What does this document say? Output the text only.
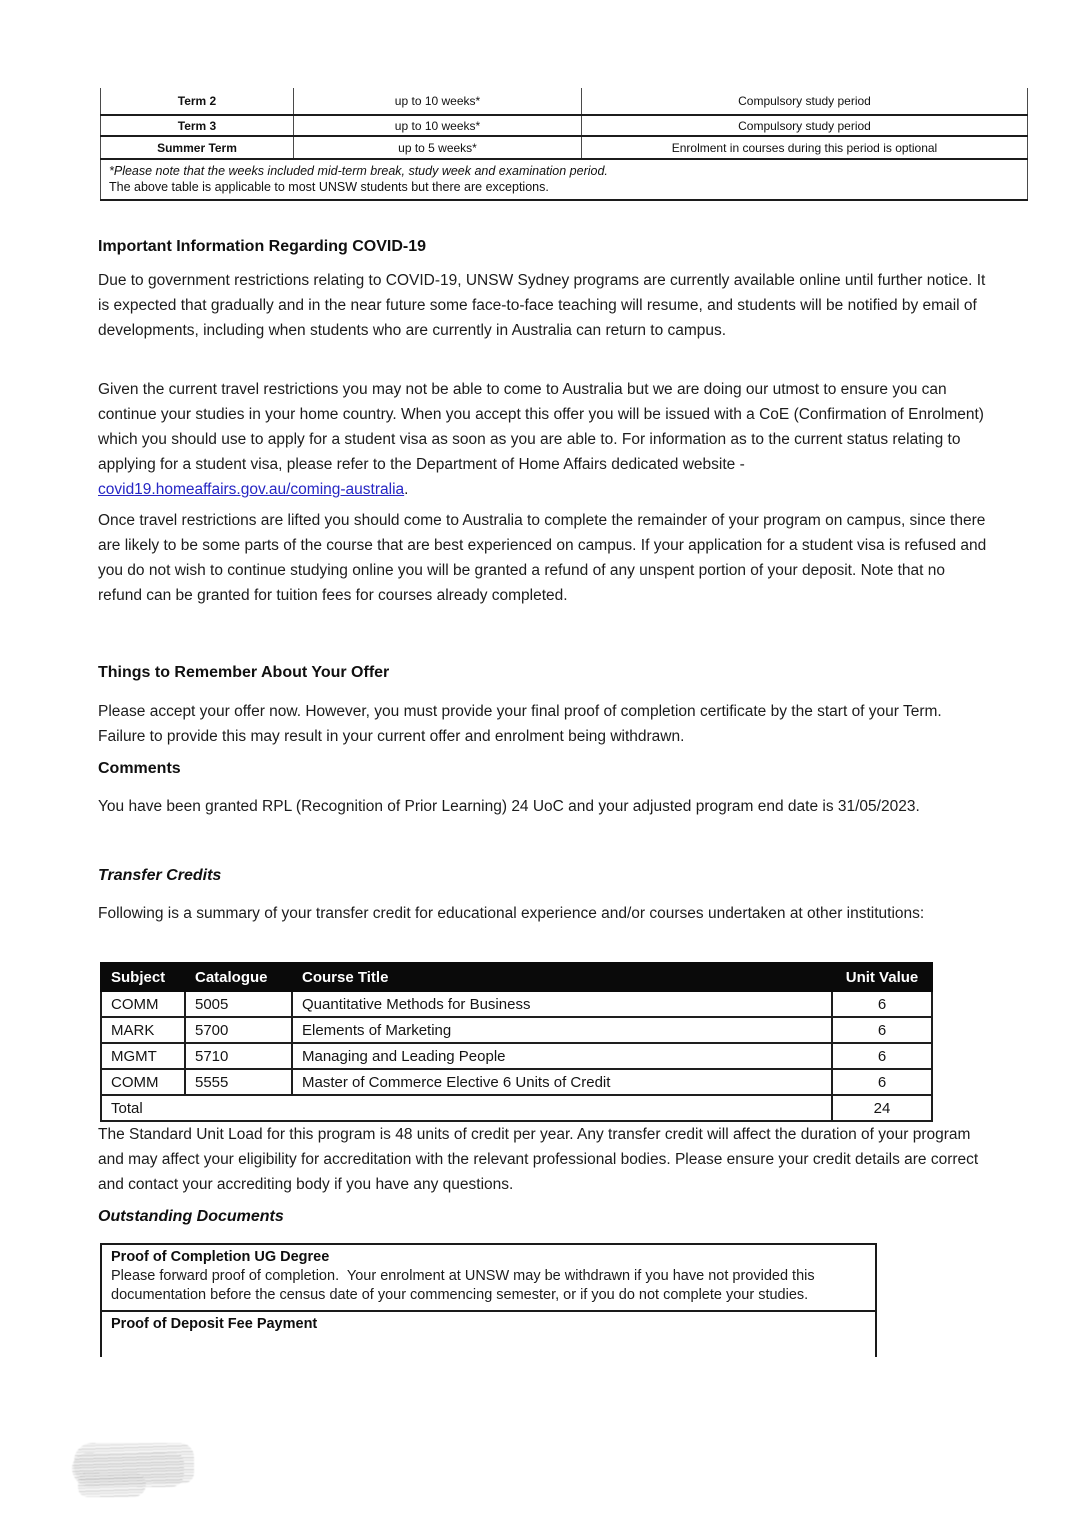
Term 2	up to 10 weeks*	Compulsory study period
Term 3	up to 10 weeks*	Compulsory study period
Summer Term	up to 5 weeks*	Enrolment in courses during this period is optional

*Please note that the weeks included mid-term break, study week and examination period.
The above table is applicable to most UNSW students but there are exceptions.		
Important Information Regarding COVID-19

Due to government restrictions relating to COVID-19, UNSW Sydney programs are currently available online until further notice. It is expected that gradually and in the near future some face-to-face teaching will resume, and students will be notified by email of developments, including when students who are currently in Australia can return to campus.

Given the current travel restrictions you may not be able to come to Australia but we are doing our utmost to ensure you can continue your studies in your home country. When you accept this offer you will be issued with a CoE (Confirmation of Enrolment) which you should use to apply for a student visa as soon as you are able to. For information as to the current status relating to applying for a student visa, please refer to the Department of Home Affairs dedicated website - covid19.homeaffairs.gov.au/coming-australia.

Once travel restrictions are lifted you should come to Australia to complete the remainder of your program on campus, since there are likely to be some parts of the course that are best experienced on campus. If your application for a student visa is refused and you do not wish to continue studying online you will be granted a refund of any unspent portion of your deposit. Note that no refund can be granted for tuition fees for courses already completed.

Things to Remember About Your Offer

Please accept your offer now. However, you must provide your final proof of completion certificate by the start of your Term. Failure to provide this may result in your current offer and enrolment being withdrawn.

Comments

You have been granted RPL (Recognition of Prior Learning) 24 UoC and your adjusted program end date is 31/05/2023.

Transfer Credits

Following is a summary of your transfer credit for educational experience and/or courses undertaken at other institutions:

Subject	Catalogue	Course Title	Unit Value
COMM	5005	Quantitative Methods for Business	6
MARK	5700	Elements of Marketing	6
MGMT	5710	Managing and Leading People	6
COMM	5555	Master of Commerce Elective 6 Units of Credit	6
Total			24

The Standard Unit Load for this program is 48 units of credit per year. Any transfer credit will affect the duration of your program and may affect your eligibility for accreditation with the relevant professional bodies. Please ensure your credit details are correct and contact your accrediting body if you have any questions.

Outstanding Documents
Proof of Completion UG Degree
Please forward proof of completion.  Your enrolment at UNSW may be withdrawn if you have not provided this documentation before the census date of your commencing semester, or if you do not complete your studies.
Proof of Deposit Fee Payment
